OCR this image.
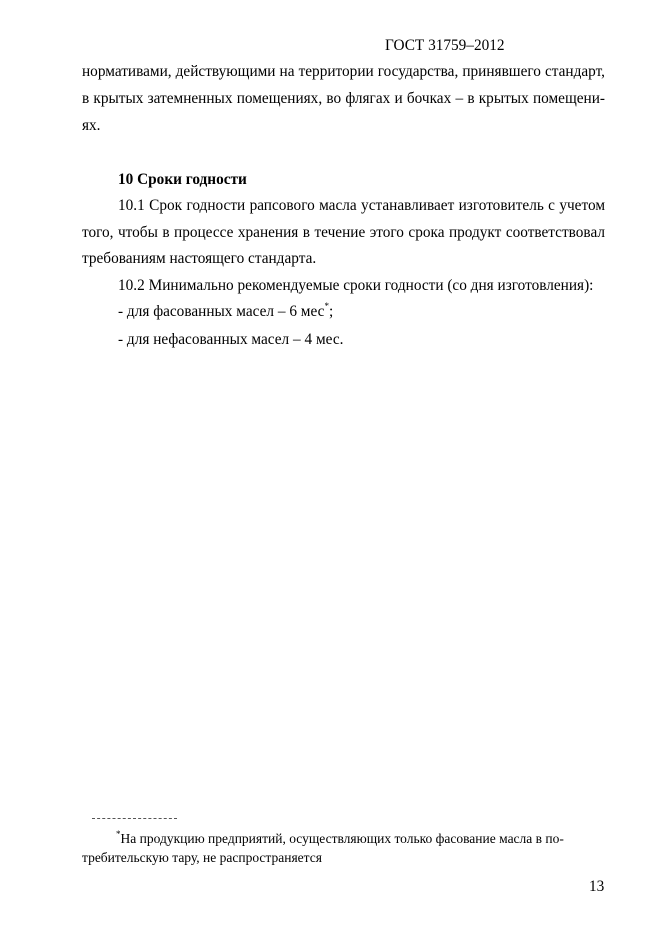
ГОСТ 31759–2012
нормативами, действующими на территории государства, принявшего стандарт,
в крытых затемненных помещениях, во флягах и бочках – в крытых помещени-
ях.
10 Сроки годности
10.1 Срок годности рапсового масла устанавливает изготовитель с учетом
того, чтобы в процессе хранения в течение этого срока продукт соответствовал
требованиям настоящего стандарта.
10.2 Минимально рекомендуемые сроки годности (со дня изготовления):
- для фасованных масел – 6 мес*;
- для нефасованных масел – 4 мес.
*На продукцию предприятий, осуществляющих только фасование масла в по-
требительскую тару, не распространяется
13
